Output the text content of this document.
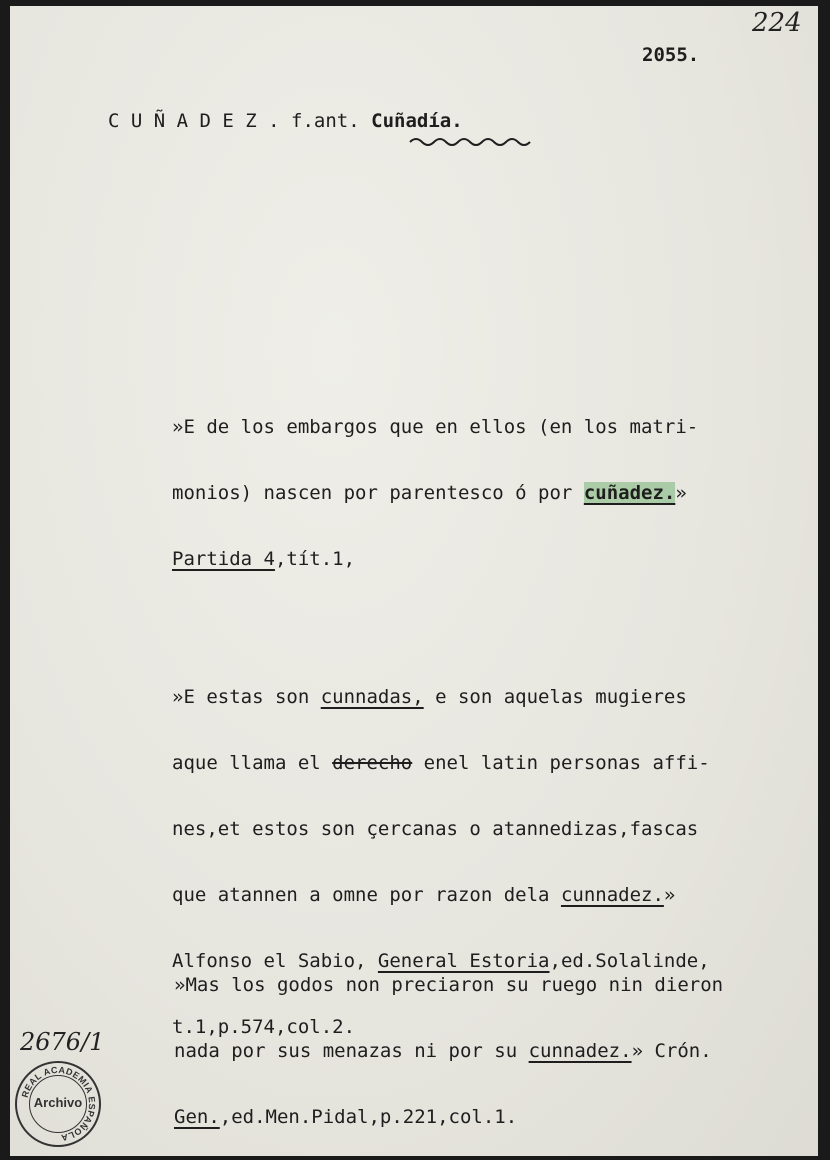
224
2055.
C U Ñ A D E Z . f.ant. Cuñadía.

»E de los embargos que en ellos (en los matri-

monios) nascen por parentesco ó por cuñadez.»

Partida 4,tít.1,

»E estas son cunnadas, e son aquelas mugieres

aque llama el derecho enel latin personas affi-

nes,et estos son çercanas o atannedizas,fascas

que atannen a omne por razon dela cunnadez.»

Alfonso el Sabio, General Estoria,ed.Solalinde,

t.1,p.574,col.2.

»Mas los godos non preciaron su ruego nin dieron

nada por sus menazas ni por su cunnadez.» Crón.

Gen.,ed.Men.Pidal,p.221,col.1.

2676/1
REAL ACADEMIA ESPAÑOLA
Archivo
